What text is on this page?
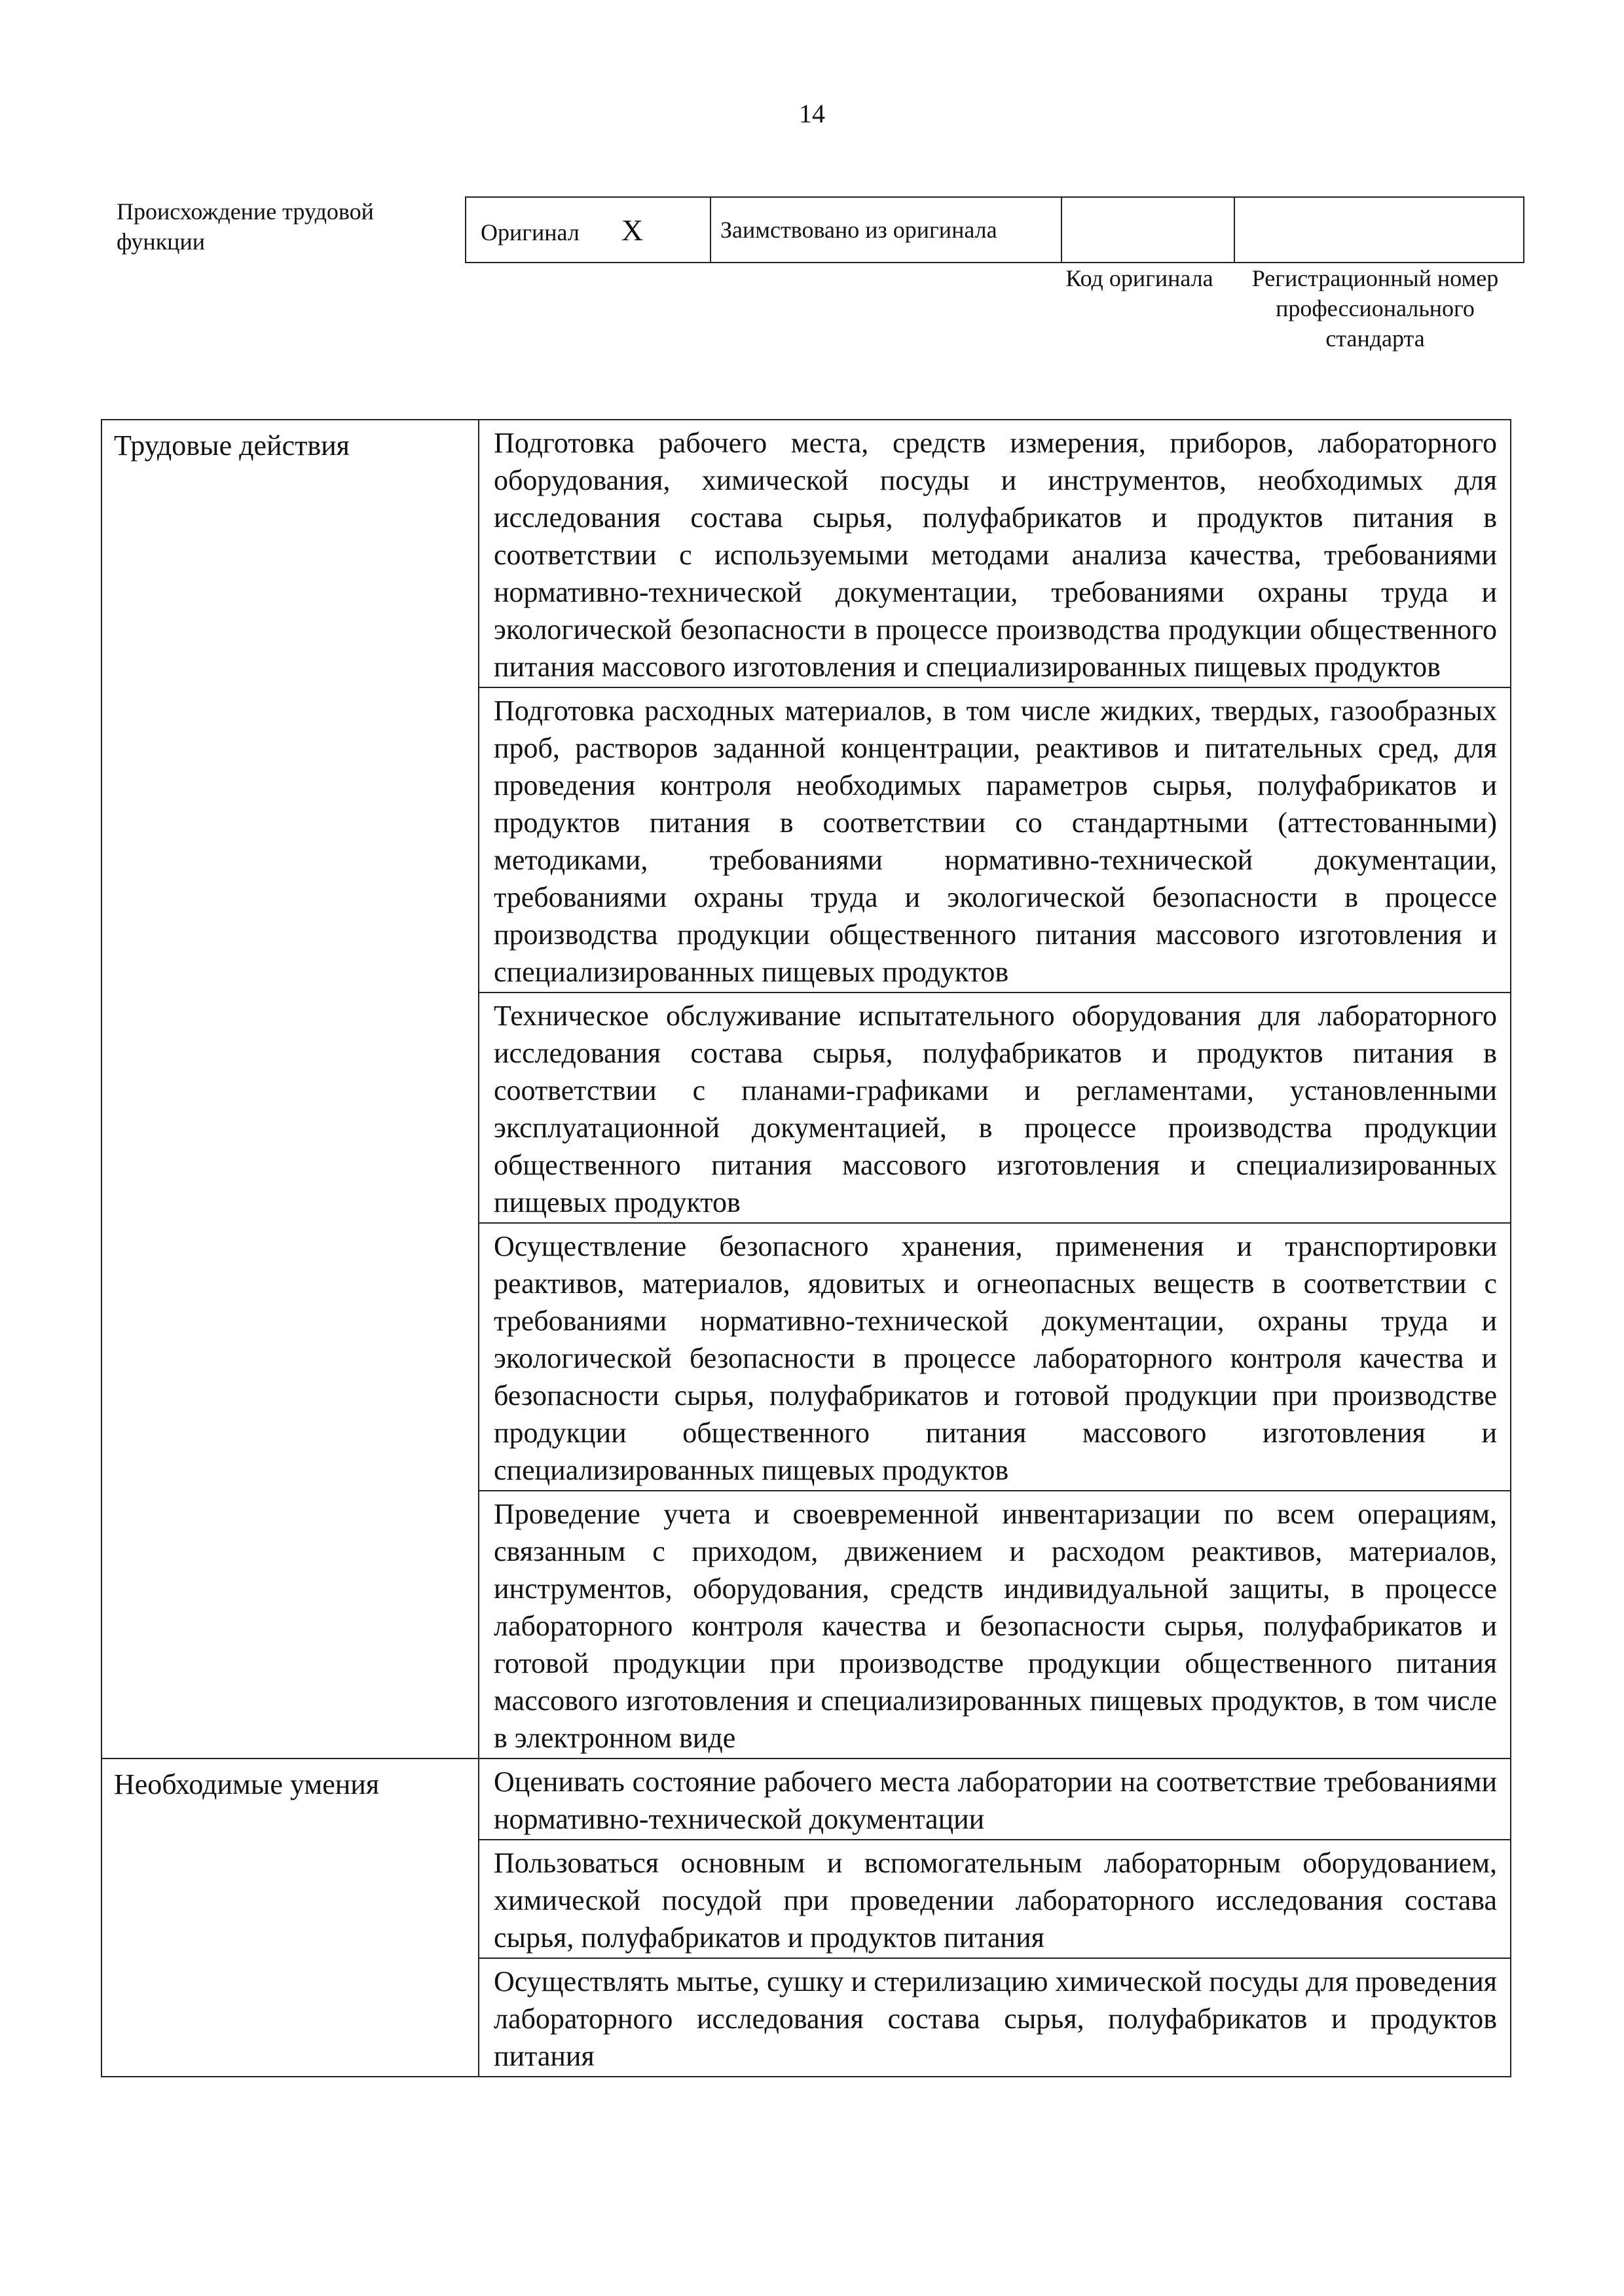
14
Происхождение трудовой функции	Оригинал X	Заимствовано из оригинала		
Код оригинала	Регистрационный номер профессионального стандарта
Трудовые действия	Подготовка рабочего места, средств измерения, приборов, лабораторного оборудования, химической посуды и инструментов, необходимых для исследования состава сырья, полуфабрикатов и продуктов питания в соответствии с используемыми методами анализа качества, требованиями нормативно-технической документации, требованиями охраны труда и экологической безопасности в процессе производства продукции общественного питания массового изготовления и специализированных пищевых продуктов
	Подготовка расходных материалов, в том числе жидких, твердых, газообразных проб, растворов заданной концентрации, реактивов и питательных сред, для проведения контроля необходимых параметров сырья, полуфабрикатов и продуктов питания в соответствии со стандартными (аттестованными) методиками, требованиями нормативно-технической документации, требованиями охраны труда и экологической безопасности в процессе производства продукции общественного питания массового изготовления и специализированных пищевых продуктов
	Техническое обслуживание испытательного оборудования для лабораторного исследования состава сырья, полуфабрикатов и продуктов питания в соответствии с планами-графиками и регламентами, установленными эксплуатационной документацией, в процессе производства продукции общественного питания массового изготовления и специализированных пищевых продуктов
	Осуществление безопасного хранения, применения и транспортировки реактивов, материалов, ядовитых и огнеопасных веществ в соответствии с требованиями нормативно-технической документации, охраны труда и экологической безопасности в процессе лабораторного контроля качества и безопасности сырья, полуфабрикатов и готовой продукции при производстве продукции общественного питания массового изготовления и специализированных пищевых продуктов
	Проведение учета и своевременной инвентаризации по всем операциям, связанным с приходом, движением и расходом реактивов, материалов, инструментов, оборудования, средств индивидуальной защиты, в процессе лабораторного контроля качества и безопасности сырья, полуфабрикатов и готовой продукции при производстве продукции общественного питания массового изготовления и специализированных пищевых продуктов, в том числе в электронном виде
Необходимые умения	Оценивать состояние рабочего места лаборатории на соответствие требованиями нормативно-технической документации
	Пользоваться основным и вспомогательным лабораторным оборудованием, химической посудой при проведении лабораторного исследования состава сырья, полуфабрикатов и продуктов питания
	Осуществлять мытье, сушку и стерилизацию химической посуды для проведения лабораторного исследования состава сырья, полуфабрикатов и продуктов питания
